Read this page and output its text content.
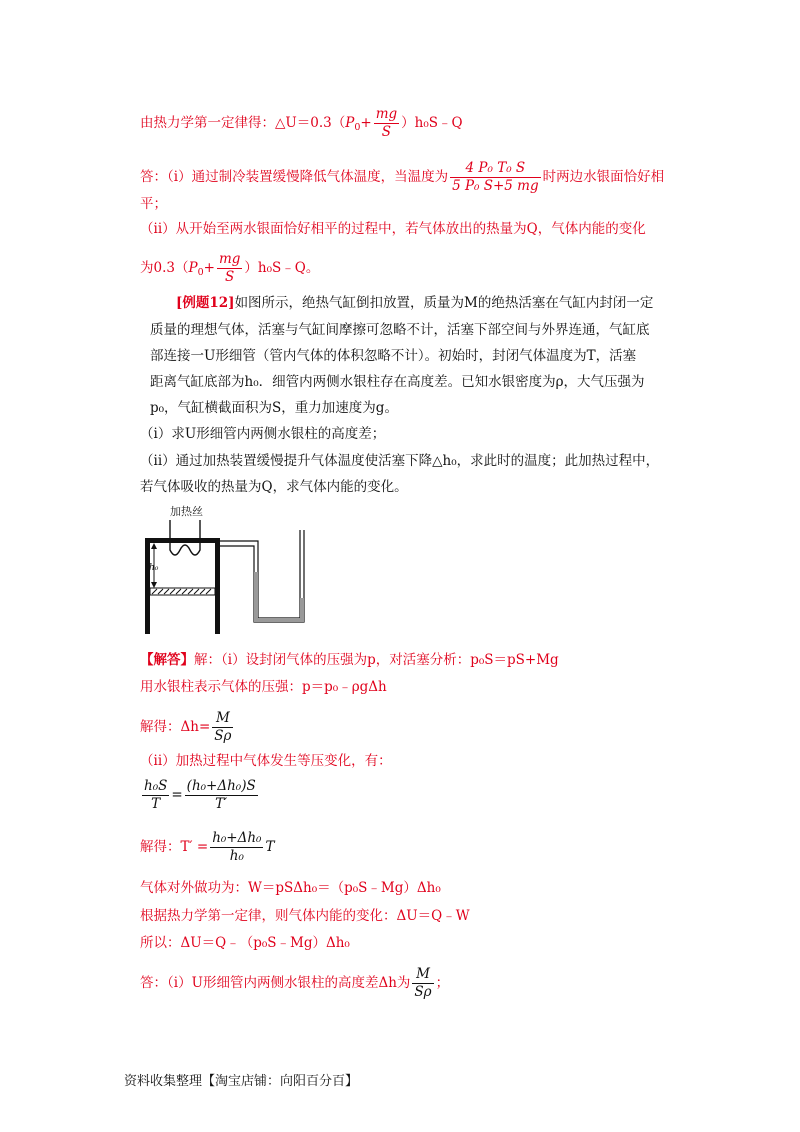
由热力学第一定律得：$\triangle U=0.3(P_0+ \frac{mg}{S}$ ）h₀S﹣Q
答：（i）通过制冷装置缓慢降低气体温度，当温度为 $\frac{\text{4 P₀ T₀ S}}{\text{5 P₀ S+5 mg}}$ 时两边水银面恰好相
平；
（ii）从开始至两水银面恰好相平的过程中，若气体放出的热量为Q，气体内能的变化
为$0.3(P_0+ \frac{mg}{S}$ ）h₀S﹣Q。
[例题12]如图所示，绝热气缸倒扣放置，质量为M的绝热活塞在气缸内封闭一定
质量的理想气体，活塞与气缸间摩擦可忽略不计，活塞下部空间与外界连通，气缸底
部连接一U形细管（管内气体的体积忽略不计）。初始时，封闭气体温度为T，活塞
距离气缸底部为h₀．细管内两侧水银柱存在高度差。已知水银密度为ρ，大气压强为
p₀，气缸横截面积为S，重力加速度为g。
（i）求U形细管内两侧水银柱的高度差；
（ii）通过加热装置缓慢提升气体温度使活塞下降△h₀，求此时的温度；此加热过程中，
若气体吸收的热量为Q，求气体内能的变化。
加热丝
h₀
【解答】解：（i）设封闭气体的压强为p，对活塞分析：p₀S＝pS+Mg
用水银柱表示气体的压强：p＝p₀﹣ρgΔh
解得：$\Delta h= \frac{M}{S\rho}$
（ii）加热过程中气体发生等压变化，有：
$\frac{\text{h₀S}}{T} = \frac{\text{(h₀+Δh₀)S}}{T'}$
解得：$T' = \frac{\text{h₀+Δh₀}}{\text{h₀}}$ T
气体对外做功为：W＝pSΔh₀＝（p₀S﹣Mg）Δh₀
根据热力学第一定律，则气体内能的变化：ΔU＝Q﹣W
所以：ΔU＝Q﹣（p₀S﹣Mg）Δh₀
答：（i）U形细管内两侧水银柱的高度差Δh为 $\frac{M}{S\rho}$ ；
资料收集整理【淘宝店铺：向阳百分百】
